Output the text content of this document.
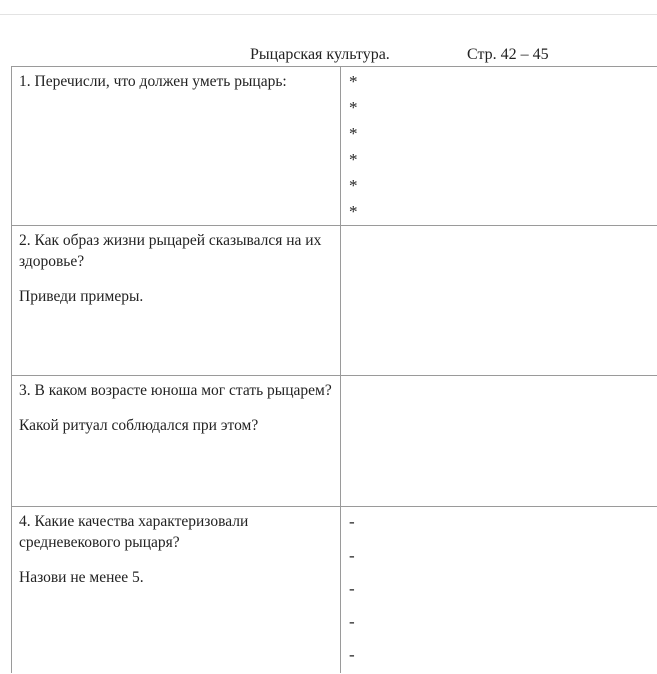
Рыцарская культура.	Стр. 42 – 45

1. Перечисли, что должен уметь рыцарь:	*
*
*
*
*
*

2. Как образ жизни рыцарей сказывался на их здоровье?

Приведи примеры.

3. В каком возрасте юноша мог стать рыцарем?

Какой ритуал соблюдался при этом?

4. Какие качества характеризовали средневекового рыцаря?

Назови не менее 5.

-
-
-
-
-
